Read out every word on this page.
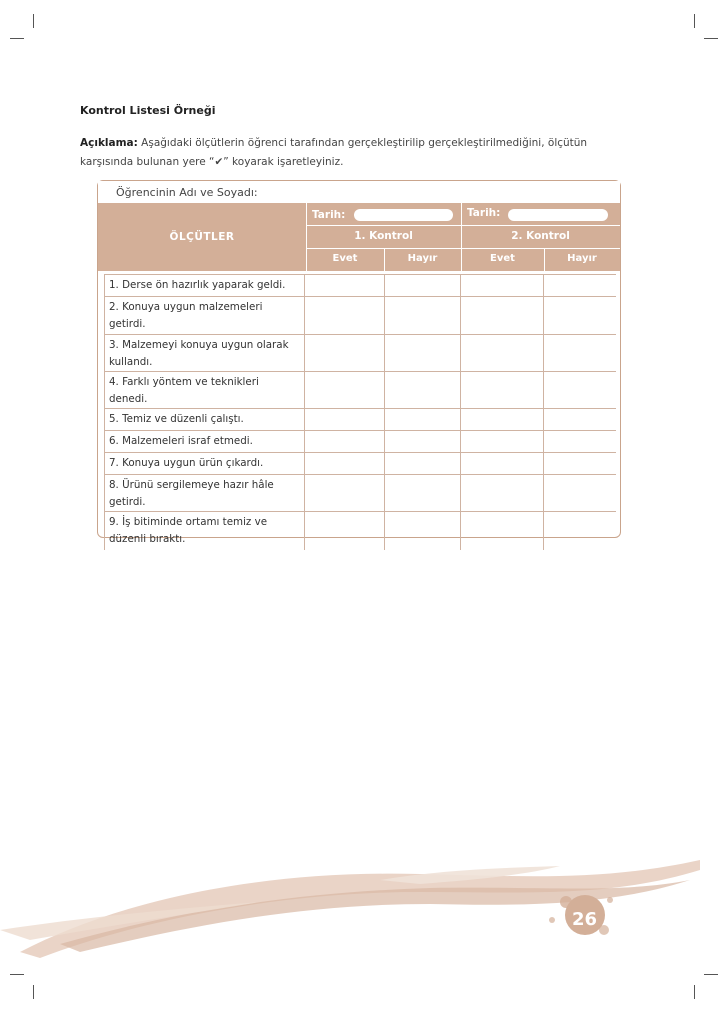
Kontrol Listesi Örneği
Açıklama: Aşağıdaki ölçütlerin öğrenci tarafından gerçekleştirilip gerçekleştirilmediğini, ölçütün
karşısında bulunan yere “✔” koyarak işaretleyiniz.
Öğrencinin Adı ve Soyadı:
ÖLÇÜTLER
Tarih:	Tarih:
1. Kontrol	2. Kontrol
Evet	Hayır	Evet	Hayır
1. Derse ön hazırlık yaparak geldi.
2. Konuya uygun malzemeleri
getirdi.
3. Malzemeyi konuya uygun olarak
kullandı.
4. Farklı yöntem ve teknikleri
denedi.
5. Temiz ve düzenli çalıştı.
6. Malzemeleri israf etmedi.
7. Konuya uygun ürün çıkardı.
8. Ürünü sergilemeye hazır hâle
getirdi.
9. İş bitiminde ortamı temiz ve
düzenli bıraktı.
26
